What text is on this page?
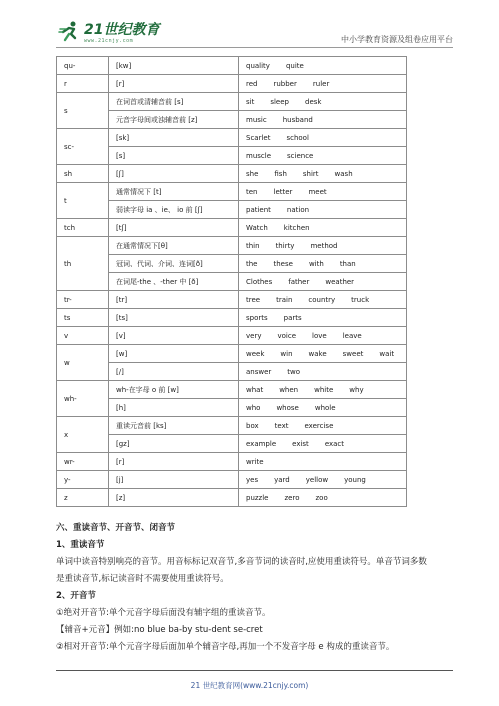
21世纪教育
www.21cnjy.com	中小学教育资源及组卷应用平台
qu-	[kw]	quality quite

r	[r]	red rubber ruler

s	在词首或清辅音前 [s]	sit sleep desk

	元音字母间或浊辅音前 [z]	music husband

sc-	[sk]	Scarlet school

	[s]	muscle science

sh	[ʃ]	she fish shirt wash

t	通常情况下 [t]	ten letter meet

	弱读字母 ia 、ie、 io 前 [ʃ]	patient nation

tch	[tʃ]	Watch kitchen

th	在通常情况下[θ]	thin thirty method

	冠词、代词、介词、连词[ð]	the these with than

	在词尾-the 、-ther 中 [ð]	Clothes father weather

tr-	[tr]	tree train country truck

ts	[ts]	sports parts

v	[v]	very voice love leave

w	[w]	week win wake sweet wait

	[/]	answer two

wh-	wh-在字母 o 前 [w]	what when white why

	[h]	who whose whole

x	重读元音前 [ks]	box text exercise

	[gz]	example exist exact

wr-	[r]	write

y-	[j]	yes yard yellow young

z	[z]	puzzle zero zoo
六、重读音节、开音节、闭音节
1、重读音节
单词中读音特别响亮的音节。用音标标记双音节,多音节词的读音时,应使用重读符号。单音节词多数
是重读音节,标记读音时不需要使用重读符号。
2、开音节
①绝对开音节:单个元音字母后面没有辅字组的重读音节。
【辅音+元音】例如:no blue ba-by stu-dent se-cret
②相对开音节:单个元音字母后面加单个辅音字母,再加一个不发音字母 e 构成的重读音节。
21 世纪教育网(www.21cnjy.com)
